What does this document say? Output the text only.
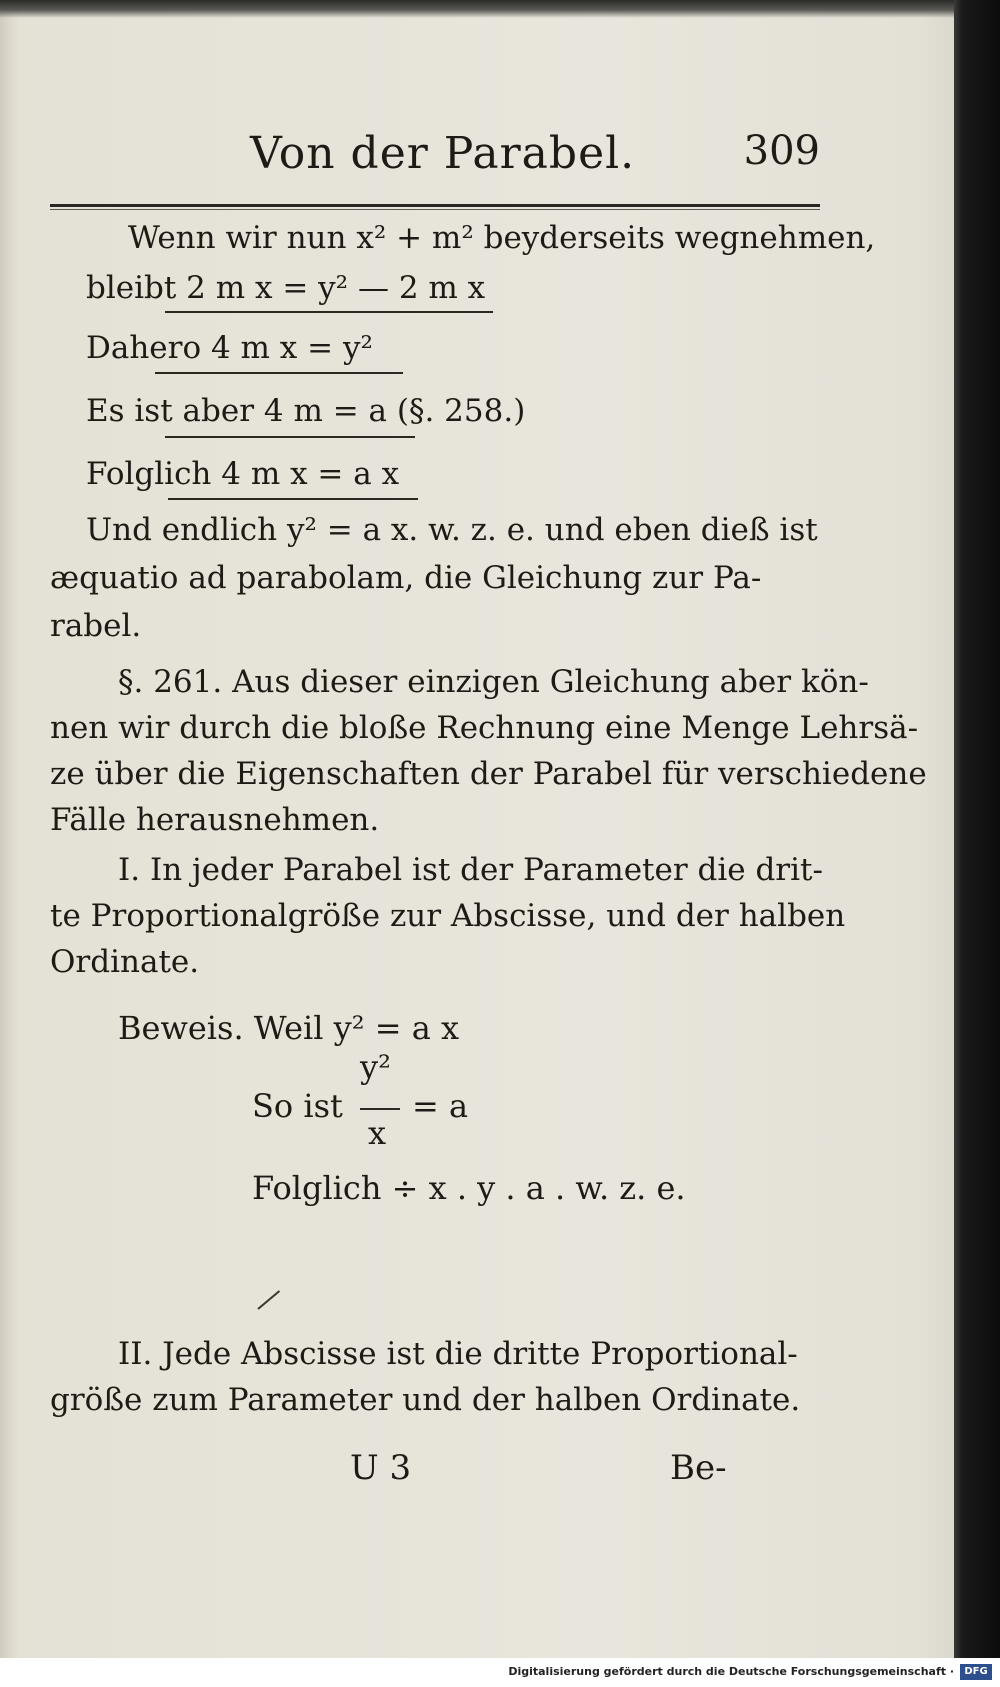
Von der Parabel.	309
Wenn wir nun x² + m² beyderseits wegnehmen,
bleibt 2 m x = y² — 2 m x
Dahero 4 m x = y²
Es ist aber 4 m = a (§. 258.)
Folglich 4 m x = a x
Und endlich y² = a x. w. z. e. und eben dieß ist
æquatio ad parabolam, die Gleichung zur Pa-
rabel.
§. 261. Aus dieser einzigen Gleichung aber kön-
nen wir durch die bloße Rechnung eine Menge Lehrsä-
ze über die Eigenschaften der Parabel für verschiedene
Fälle herausnehmen.
I. In jeder Parabel ist der Parameter die drit-
te Proportionalgröße zur Abscisse, und der halben
Ordinate.
Beweis. Weil y² = a x
y²
So ist = a
x
Folglich ÷ x . y . a . w. z. e.
II. Jede Abscisse ist die dritte Proportional-
größe zum Parameter und der halben Ordinate.
U 3	Be-
Digitalisierung gefördert durch die Deutsche Forschungsgemeinschaft ·	DFG
